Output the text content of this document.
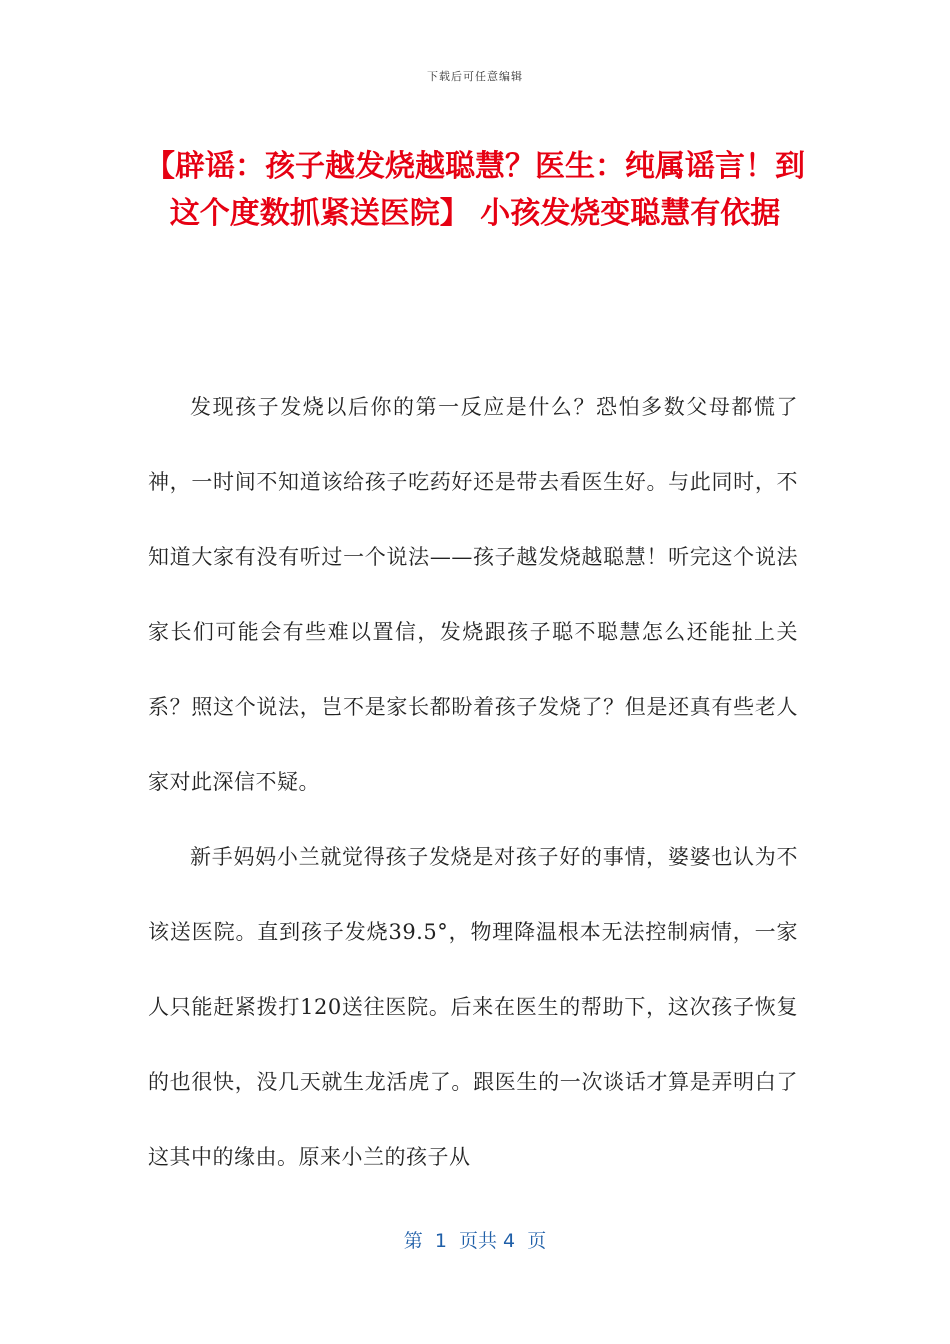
下载后可任意编辑
【辟谣：孩子越发烧越聪慧？医生：纯属谣言！到这个度数抓紧送医院】 小孩发烧变聪慧有依据

发现孩子发烧以后你的第一反应是什么？恐怕多数父母都慌了神，一时间不知道该给孩子吃药好还是带去看医生好。与此同时，不知道大家有没有听过一个说法——孩子越发烧越聪慧！听完这个说法家长们可能会有些难以置信，发烧跟孩子聪不聪慧怎么还能扯上关系？照这个说法，岂不是家长都盼着孩子发烧了？但是还真有些老人家对此深信不疑。

新手妈妈小兰就觉得孩子发烧是对孩子好的事情，婆婆也认为不该送医院。直到孩子发烧39.5°，物理降温根本无法控制病情，一家人只能赶紧拨打120送往医院。后来在医生的帮助下，这次孩子恢复的也很快，没几天就生龙活虎了。跟医生的一次谈话才算是弄明白了这其中的缘由。原来小兰的孩子从

第  1  页共 4  页
